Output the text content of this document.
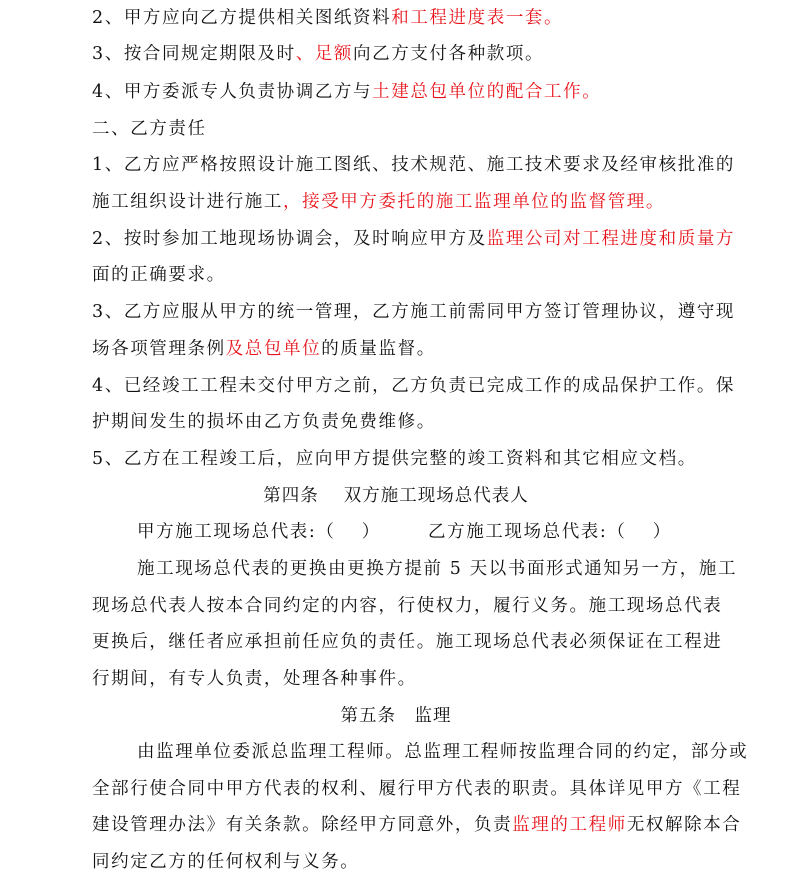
2、甲方应向乙方提供相关图纸资料和工程进度表一套。
3、按合同规定期限及时、足额向乙方支付各种款项。
4、甲方委派专人负责协调乙方与土建总包单位的配合工作。
二、乙方责任
1、乙方应严格按照设计施工图纸、技术规范、施工技术要求及经审核批准的
施工组织设计进行施工，接受甲方委托的施工监理单位的监督管理。
2、按时参加工地现场协调会，及时响应甲方及监理公司对工程进度和质量方
面的正确要求。
3、乙方应服从甲方的统一管理，乙方施工前需同甲方签订管理协议，遵守现
场各项管理条例及总包单位的质量监督。
4、已经竣工工程未交付甲方之前，乙方负责已完成工作的成品保护工作。保
护期间发生的损坏由乙方负责免费维修。
5、乙方在工程竣工后，应向甲方提供完整的竣工资料和其它相应文档。
第四条　 双方施工现场总代表人
甲方施工现场总代表:（　 ）	乙方施工现场总代表:（　 ）
施工现场总代表的更换由更换方提前 5 天以书面形式通知另一方，施工
现场总代表人按本合同约定的内容，行使权力，履行义务。施工现场总代表
更换后，继任者应承担前任应负的责任。施工现场总代表必须保证在工程进
行期间，有专人负责，处理各种事件。
第五条　监理
由监理单位委派总监理工程师。总监理工程师按监理合同的约定，部分或
全部行使合同中甲方代表的权利、履行甲方代表的职责。具体详见甲方《工程
建设管理办法》有关条款。除经甲方同意外，负责监理的工程师无权解除本合
同约定乙方的任何权利与义务。
